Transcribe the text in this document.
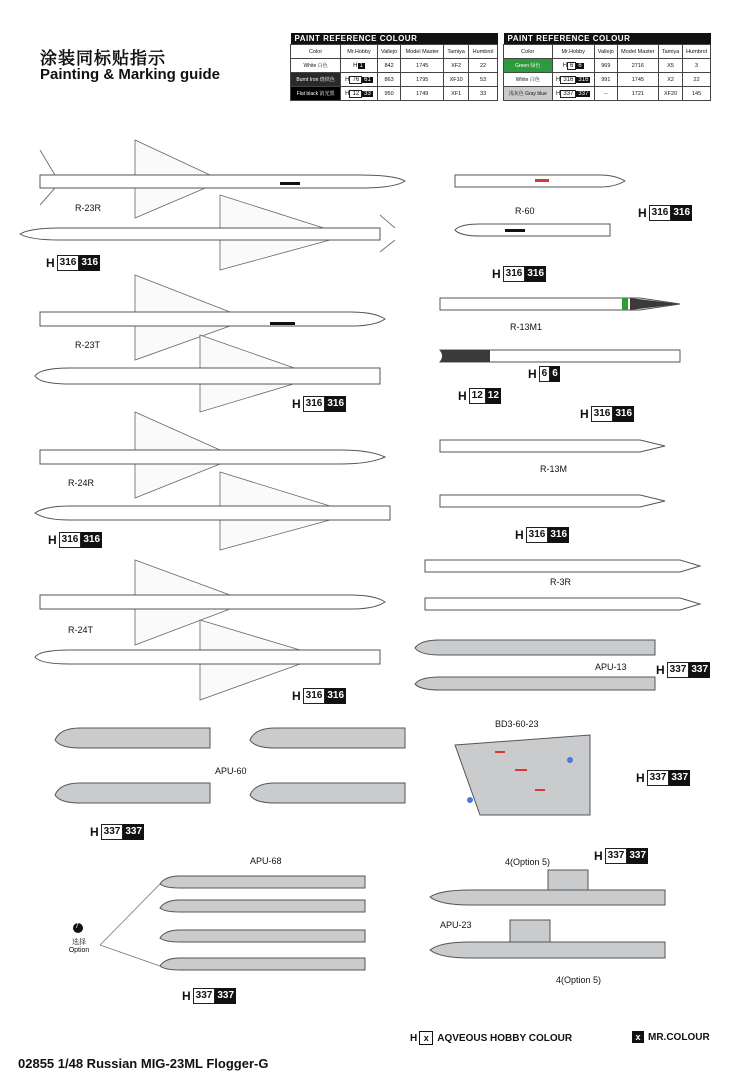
涂装同标贴指示
Painting & Marking guide
PAINT REFERENCE COLOUR					
Color	Mr.Hobby	Vallejo	Model Master	Tamiya	Humbrol
White 白色	H 1	842	1745	XF2	22
Burnt Iron 烧铁色	H 76 61	863	1795	XF10	53
Flat black 消光黑	H 12 33	950	1749	XF1	33
PAINT REFERENCE COLOUR					
Color	Mr.Hobby	Vallejo	Model Master	Tamiya	Humbrol
Green 绿色	H 6 6	969	2716	X5	3
White 白色	H 316 316	991	1745	X2	22
浅灰色 Gray blue	H 337 337	--	1721	XF20	145
R-23R
R-23T
R-24R
R-24T
R-60
R-13M1
R-13M
R-3R
APU-13
APU-60
BD3-60-23
APU-68
APU-23
选择 Option
7
4(Option 5)
4(Option 5)
H 316 316
H 316 316
H 316 316
H 316 316
H 316 316
H 316 316
H 6 6
H 12 12
H 316 316
H 316 316
H 337 337
H 337 337
H 337 337
H 337 337
H 337 337
H x AQVEOUS HOBBY COLOUR	x MR.COLOUR
02855 1/48 Russian MIG-23ML Flogger-G
